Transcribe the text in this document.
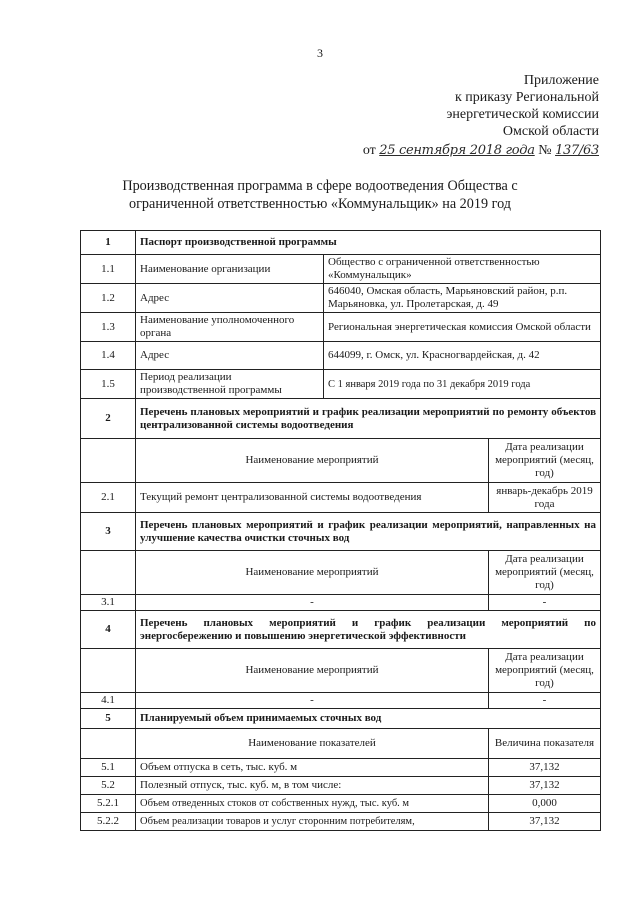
3
Приложение
к приказу Региональной
энергетической комиссии
Омской области
от 25 сентября 2018 года № 137/63
Производственная программа в сфере водоотведения Общества с
ограниченной ответственностью «Коммунальщик» на 2019 год
1	Паспорт производственной программы		
1.1	Наименование организации	Общество с ограниченной ответственностью «Коммунальщик»	
1.2	Адрес	646040, Омская область, Марьяновский район, р.п. Марьяновка, ул. Пролетарская, д. 49	
1.3	Наименование уполномоченного органа	Региональная энергетическая комиссия Омской области	
1.4	Адрес	644099, г. Омск, ул. Красногвардейская, д. 42	
1.5	Период реализации производственной программы	С 1 января 2019 года по 31 декабря 2019 года	
2	Перечень плановых мероприятий и график реализации мероприятий по ремонту объектов централизованной системы водоотведения		
	Наименование мероприятий		Дата реализации мероприятий (месяц, год)
2.1	Текущий ремонт централизованной системы водоотведения		январь-декабрь 2019 года
3	Перечень плановых мероприятий и график реализации мероприятий, направленных на улучшение качества очистки сточных вод		
	Наименование мероприятий		Дата реализации мероприятий (месяц, год)
3.1	-		-
4	Перечень плановых мероприятий и график реализации мероприятий по энергосбережению и повышению энергетической эффективности		
	Наименование мероприятий		Дата реализации мероприятий (месяц, год)
4.1	-		-
5	Планируемый объем принимаемых сточных вод		
	Наименование показателей		Величина показателя
5.1	Объем отпуска в сеть, тыс. куб. м		37,132
5.2	Полезный отпуск, тыс. куб. м, в том числе:		37,132
5.2.1	Объем отведенных стоков от собственных нужд, тыс. куб. м		0,000
5.2.2	Объем реализации товаров и услуг сторонним потребителям,		37,132
